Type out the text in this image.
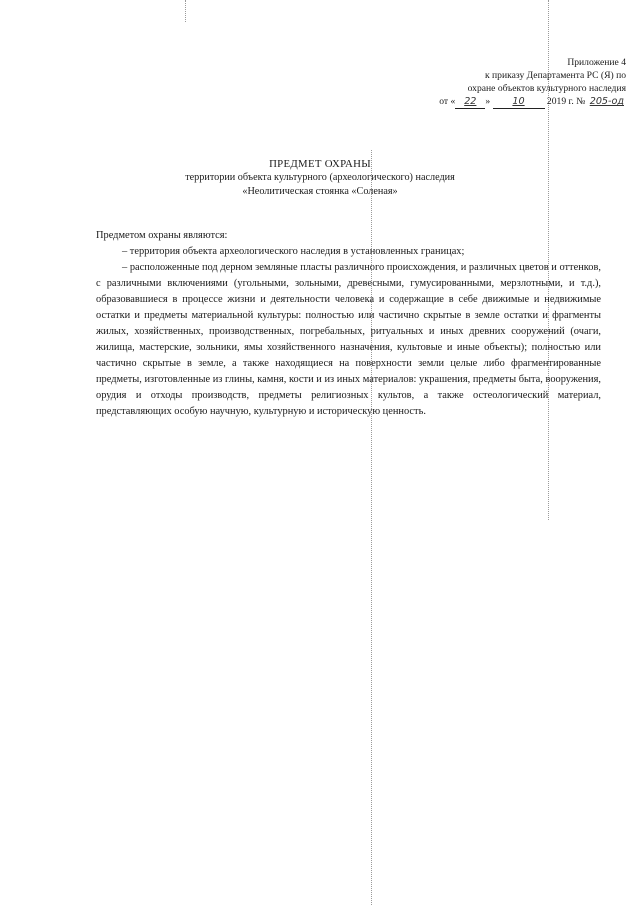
Приложение 4
к приказу Департамента РС (Я) по
охране объектов культурного наследия
от « 22 » 10 2019 г. № 205-од
ПРЕДМЕТ ОХРАНЫ
территории объекта культурного (археологического) наследия
«Неолитическая стоянка «Соленая»

Предметом охраны являются:

– территория объекта археологического наследия в установленных границах;

– расположенные под дерном земляные пласты различного происхождения, и различных цветов и оттенков, с различными включениями (угольными, зольными, древесными, гумусированными, мерзлотными, и т.д.), образовавшиеся в процессе жизни и деятельности человека и содержащие в себе движимые и недвижимые остатки и предметы материальной культуры: полностью или частично скрытые в земле остатки и фрагменты жилых, хозяйственных, производственных, погребальных, ритуальных и иных древних сооружений (очаги, жилища, мастерские, зольники, ямы хозяйственного назначения, культовые и иные объекты); полностью или частично скрытые в земле, а также находящиеся на поверхности земли целые либо фрагментированные предметы, изготовленные из глины, камня, кости и из иных материалов: украшения, предметы быта, вооружения, орудия и отходы производств, предметы религиозных культов, а также остеологический материал, представляющих особую научную, культурную и историческую ценность.
